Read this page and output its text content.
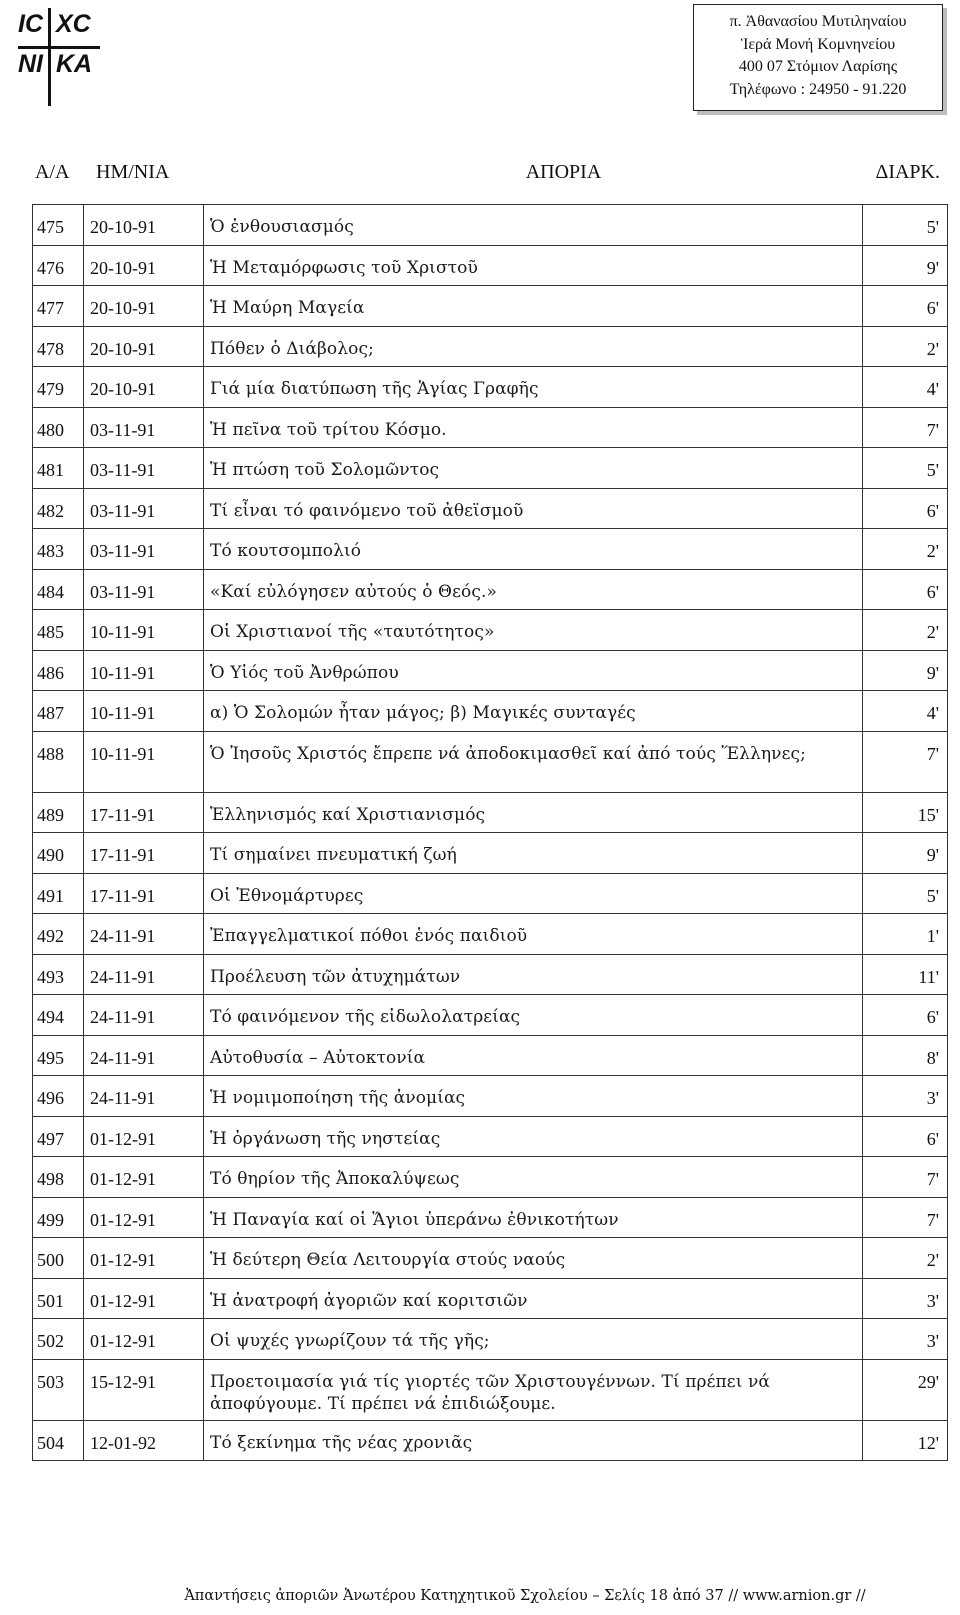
IC XC
NI KA
π. Ἀθανασίου Μυτιληναίου
Ἱερά Μονή Κομνηνείου
400 07 Στόμιον Λαρίσης
Τηλέφωνο : 24950 - 91.220
Α/Α	ΗΜ/ΝΙΑ	ΑΠΟΡΙΑ	ΔΙΑΡΚ.
475	20-10-91	Ὁ ἐνθουσιασμός	5'
476	20-10-91	Ἡ Μεταμόρφωσις τοῦ Χριστοῦ	9'
477	20-10-91	Ἡ Μαύρη Μαγεία	6'
478	20-10-91	Πόθεν ὁ Διάβολος;	2'
479	20-10-91	Γιά μία διατύπωση τῆς Ἁγίας Γραφῆς	4'
480	03-11-91	Ἡ πεῖνα τοῦ τρίτου Κόσμο.	7'
481	03-11-91	Ἡ πτώση τοῦ Σολομῶντος	5'
482	03-11-91	Τί εἶναι τό φαινόμενο τοῦ ἀθεϊσμοῦ	6'
483	03-11-91	Τό κουτσομπολιό	2'
484	03-11-91	«Καί εὐλόγησεν αὐτούς ὁ Θεός.»	6'
485	10-11-91	Οἱ Χριστιανοί τῆς «ταυτότητος»	2'
486	10-11-91	Ὁ Υἱός τοῦ Ἀνθρώπου	9'
487	10-11-91	α) Ὁ Σολομών ἦταν μάγος; β) Μαγικές συνταγές	4'
488	10-11-91	Ὁ Ἰησοῦς Χριστός ἔπρεπε νά ἀποδοκιμασθεῖ καί ἀπό τούς Ἕλληνες;	7'
489	17-11-91	Ἑλληνισμός καί Χριστιανισμός	15'
490	17-11-91	Τί σημαίνει πνευματική ζωή	9'
491	17-11-91	Οἱ Ἐθνομάρτυρες	5'
492	24-11-91	Ἐπαγγελματικοί πόθοι ἑνός παιδιοῦ	1'
493	24-11-91	Προέλευση τῶν ἀτυχημάτων	11'
494	24-11-91	Τό φαινόμενον τῆς εἰδωλολατρείας	6'
495	24-11-91	Αὐτοθυσία – Αὐτοκτονία	8'
496	24-11-91	Ἡ νομιμοποίηση τῆς ἀνομίας	3'
497	01-12-91	Ἡ ὀργάνωση τῆς νηστείας	6'
498	01-12-91	Τό θηρίον τῆς Ἀποκαλύψεως	7'
499	01-12-91	Ἡ Παναγία καί οἱ Ἅγιοι ὑπεράνω ἐθνικοτήτων	7'
500	01-12-91	Ἡ δεύτερη Θεία Λειτουργία στούς ναούς	2'
501	01-12-91	Ἡ ἀνατροφή ἀγοριῶν καί κοριτσιῶν	3'
502	01-12-91	Οἱ ψυχές γνωρίζουν τά τῆς γῆς;	3'
503	15-12-91	Προετοιμασία γιά τίς γιορτές τῶν Χριστουγέννων. Τί πρέπει νά ἀποφύγουμε. Τί πρέπει νά ἐπιδιώξουμε.	29'
504	12-01-92	Τό ξεκίνημα τῆς νέας χρονιᾶς	12'
Ἀπαντήσεις ἀποριῶν Ἀνωτέρου Κατηχητικοῦ Σχολείου – Σελίς 18 ἀπό 37 // www.arnion.gr //
